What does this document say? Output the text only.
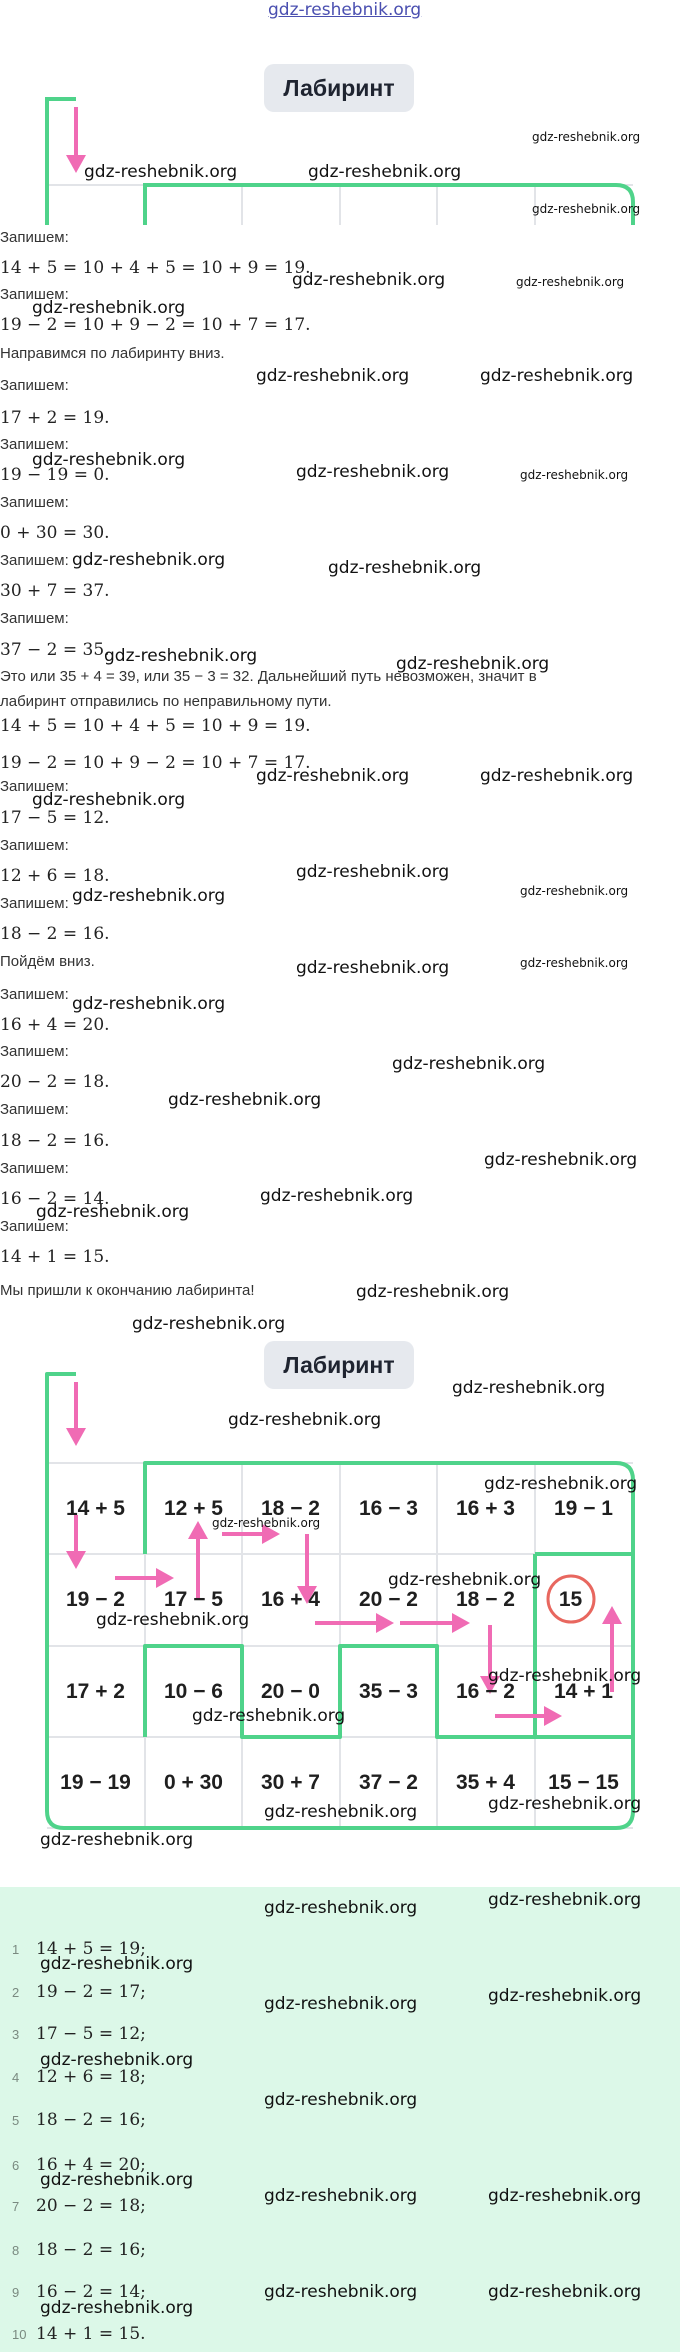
gdz-reshebnik.org
Лабиринт
Запишем:
14 + 5 = 10 + 4 + 5 = 10 + 9 = 19.
Запишем:
19 − 2 = 10 + 9 − 2 = 10 + 7 = 17.
Направимся по лабиринту вниз.
Запишем:
17 + 2 = 19.
Запишем:
19 − 19 = 0.
Запишем:
0 + 30 = 30.
Запишем:
30 + 7 = 37.
Запишем:
37 − 2 = 35.
Это или 35 + 4 = 39, или 35 − 3 = 32. Дальнейший путь невозможен, значит в
лабиринт отправились по неправильному пути.
14 + 5 = 10 + 4 + 5 = 10 + 9 = 19.
19 − 2 = 10 + 9 − 2 = 10 + 7 = 17.
Запишем:
17 − 5 = 12.
Запишем:
12 + 6 = 18.
Запишем:
18 − 2 = 16.
Пойдём вниз.
Запишем:
16 + 4 = 20.
Запишем:
20 − 2 = 18.
Запишем:
18 − 2 = 16.
Запишем:
16 − 2 = 14.
Запишем:
14 + 1 = 15.
Мы пришли к окончанию лабиринта!
Лабиринт
14 + 5	12 + 5	18 − 2	16 − 3	16 + 3	19 − 1
19 − 2	17 − 5	16 + 4	20 − 2	18 − 2	15
17 + 2	10 − 6	20 − 0	35 − 3	16 − 2	14 + 1
19 − 19	0 + 30	30 + 7	37 − 2	35 + 4	15 − 15
1 14 + 5 = 19;
2 19 − 2 = 17;
3 17 − 5 = 12;
4 12 + 6 = 18;
5 18 − 2 = 16;
6 16 + 4 = 20;
7 20 − 2 = 18;
8 18 − 2 = 16;
9 16 − 2 = 14;
10 14 + 1 = 15.
gdz-reshebnik.org
gdz-reshebnik.org	gdz-reshebnik.org
gdz-reshebnik.org
gdz-reshebnik.org	gdz-reshebnik.org
gdz-reshebnik.org
gdz-reshebnik.org	gdz-reshebnik.org
gdz-reshebnik.org
gdz-reshebnik.org	gdz-reshebnik.org
gdz-reshebnik.org	gdz-reshebnik.org
gdz-reshebnik.org	gdz-reshebnik.org
gdz-reshebnik.org	gdz-reshebnik.org
gdz-reshebnik.org
gdz-reshebnik.org
gdz-reshebnik.org	gdz-reshebnik.org
gdz-reshebnik.org	gdz-reshebnik.org
gdz-reshebnik.org
gdz-reshebnik.org
gdz-reshebnik.org
gdz-reshebnik.org
gdz-reshebnik.org
gdz-reshebnik.org
gdz-reshebnik.org
gdz-reshebnik.org
gdz-reshebnik.org
gdz-reshebnik.org
gdz-reshebnik.org
gdz-reshebnik.org
gdz-reshebnik.org
gdz-reshebnik.org
gdz-reshebnik.org
gdz-reshebnik.org
gdz-reshebnik.org
gdz-reshebnik.org
gdz-reshebnik.org
gdz-reshebnik.org
gdz-reshebnik.org
gdz-reshebnik.org
gdz-reshebnik.org
gdz-reshebnik.org
gdz-reshebnik.org
gdz-reshebnik.org
gdz-reshebnik.org
gdz-reshebnik.org
gdz-reshebnik.org
gdz-reshebnik.org
gdz-reshebnik.org
gdz-reshebnik.org
